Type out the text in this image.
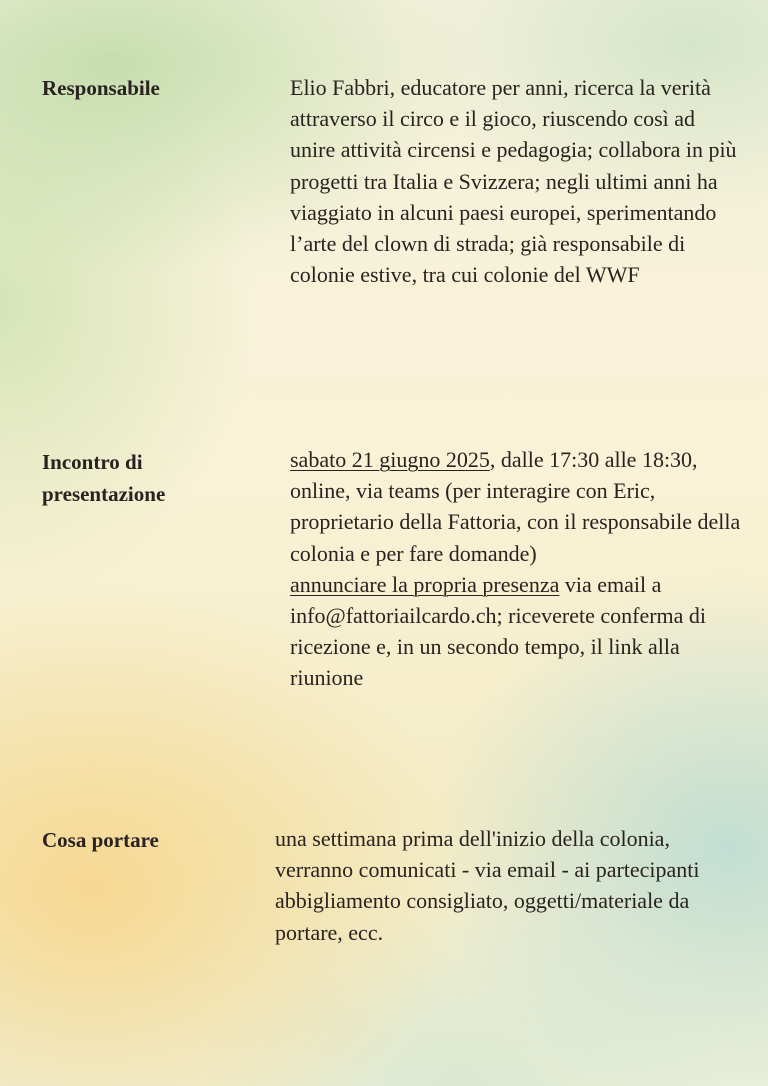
Responsabile	Elio Fabbri, educatore per anni, ricerca la verità attraverso il circo e il gioco, riuscendo così ad unire attività circensi e pedagogia; collabora in più progetti tra Italia e Svizzera; negli ultimi anni ha viaggiato in alcuni paesi europei, sperimentando l’arte del clown di strada; già responsabile di colonie estive, tra cui colonie del WWF
Incontro di
presentazione
sabato 21 giugno 2025, dalle 17:30 alle 18:30, online, via teams (per interagire con Eric, proprietario della Fattoria, con il responsabile della colonia e per fare domande)
annunciare la propria presenza via email a info@fattoriailcardo.ch; riceverete conferma di ricezione e, in un secondo tempo, il link alla riunione
Cosa portare	una settimana prima dell'inizio della colonia, verranno comunicati - via email - ai partecipanti abbigliamento consigliato, oggetti/materiale da portare, ecc.
